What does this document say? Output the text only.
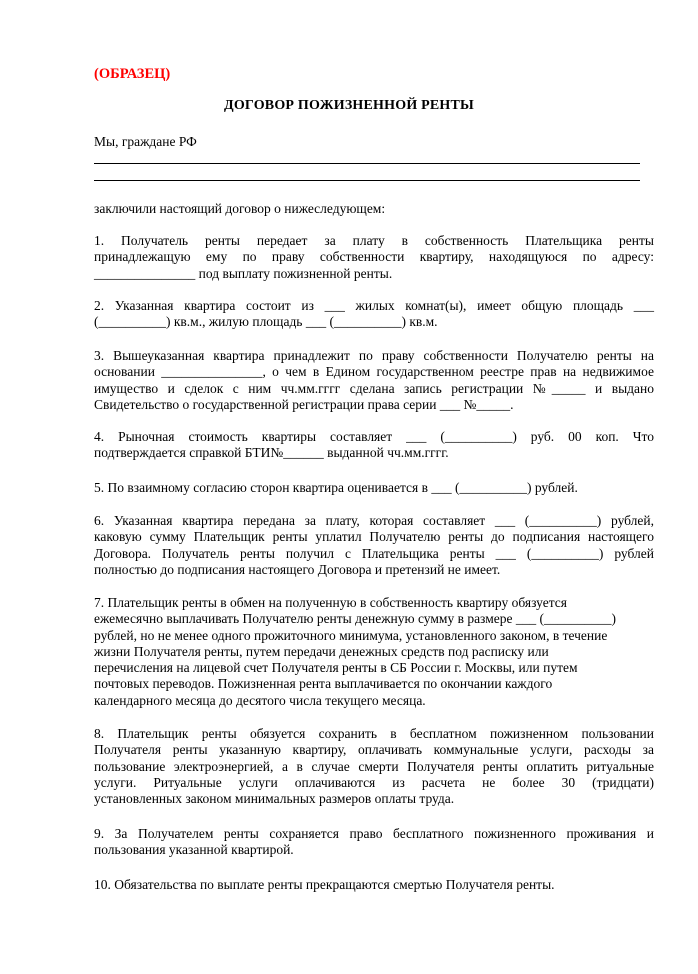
(ОБРАЗЕЦ)
ДОГОВОР ПОЖИЗНЕННОЙ РЕНТЫ
Мы, граждане РФ
заключили настоящий договор о нижеследующем:
1. Получатель ренты передает за плату в собственность Плательщика ренты
принадлежащую ему по праву собственности квартиру, находящуюся по адресу:
_______________ под выплату пожизненной ренты.
2. Указанная квартира состоит из ___ жилых комнат(ы), имеет общую площадь ___
(__________) кв.м., жилую площадь ___ (__________) кв.м.
3. Вышеуказанная квартира принадлежит по праву собственности Получателю ренты на
основании _______________, о чем в Едином государственном реестре прав на недвижимое
имущество и сделок с ним чч.мм.гггг сделана запись регистрации №_____ и выдано
Свидетельство о государственной регистрации права серии ___ №_____.
4. Рыночная стоимость квартиры составляет ___ (__________) руб. 00 коп. Что
подтверждается справкой БТИ№______ выданной чч.мм.гггг.
5. По взаимному согласию сторон квартира оценивается в ___ (__________) рублей.
6. Указанная квартира передана за плату, которая составляет ___ (__________) рублей,
каковую сумму Плательщик ренты уплатил Получателю ренты до подписания настоящего
Договора. Получатель ренты получил с Плательщика ренты ___ (__________) рублей
полностью до подписания настоящего Договора и претензий не имеет.
7. Плательщик ренты в обмен на полученную в собственность квартиру обязуется
ежемесячно выплачивать Получателю ренты денежную сумму в размере ___ (__________)
рублей, но не менее одного прожиточного минимума, установленного законом, в течение
жизни Получателя ренты, путем передачи денежных средств под расписку или
перечисления на лицевой счет Получателя ренты в СБ России г. Москвы, или путем
почтовых переводов. Пожизненная рента выплачивается по окончании каждого
календарного месяца до десятого числа текущего месяца.
8. Плательщик ренты обязуется сохранить в бесплатном пожизненном пользовании
Получателя ренты указанную квартиру, оплачивать коммунальные услуги, расходы за
пользование электроэнергией, а в случае смерти Получателя ренты оплатить ритуальные
услуги. Ритуальные услуги оплачиваются из расчета не более 30 (тридцати)
установленных законом минимальных размеров оплаты труда.
9. За Получателем ренты сохраняется право бесплатного пожизненного проживания и
пользования указанной квартирой.
10. Обязательства по выплате ренты прекращаются смертью Получателя ренты.
